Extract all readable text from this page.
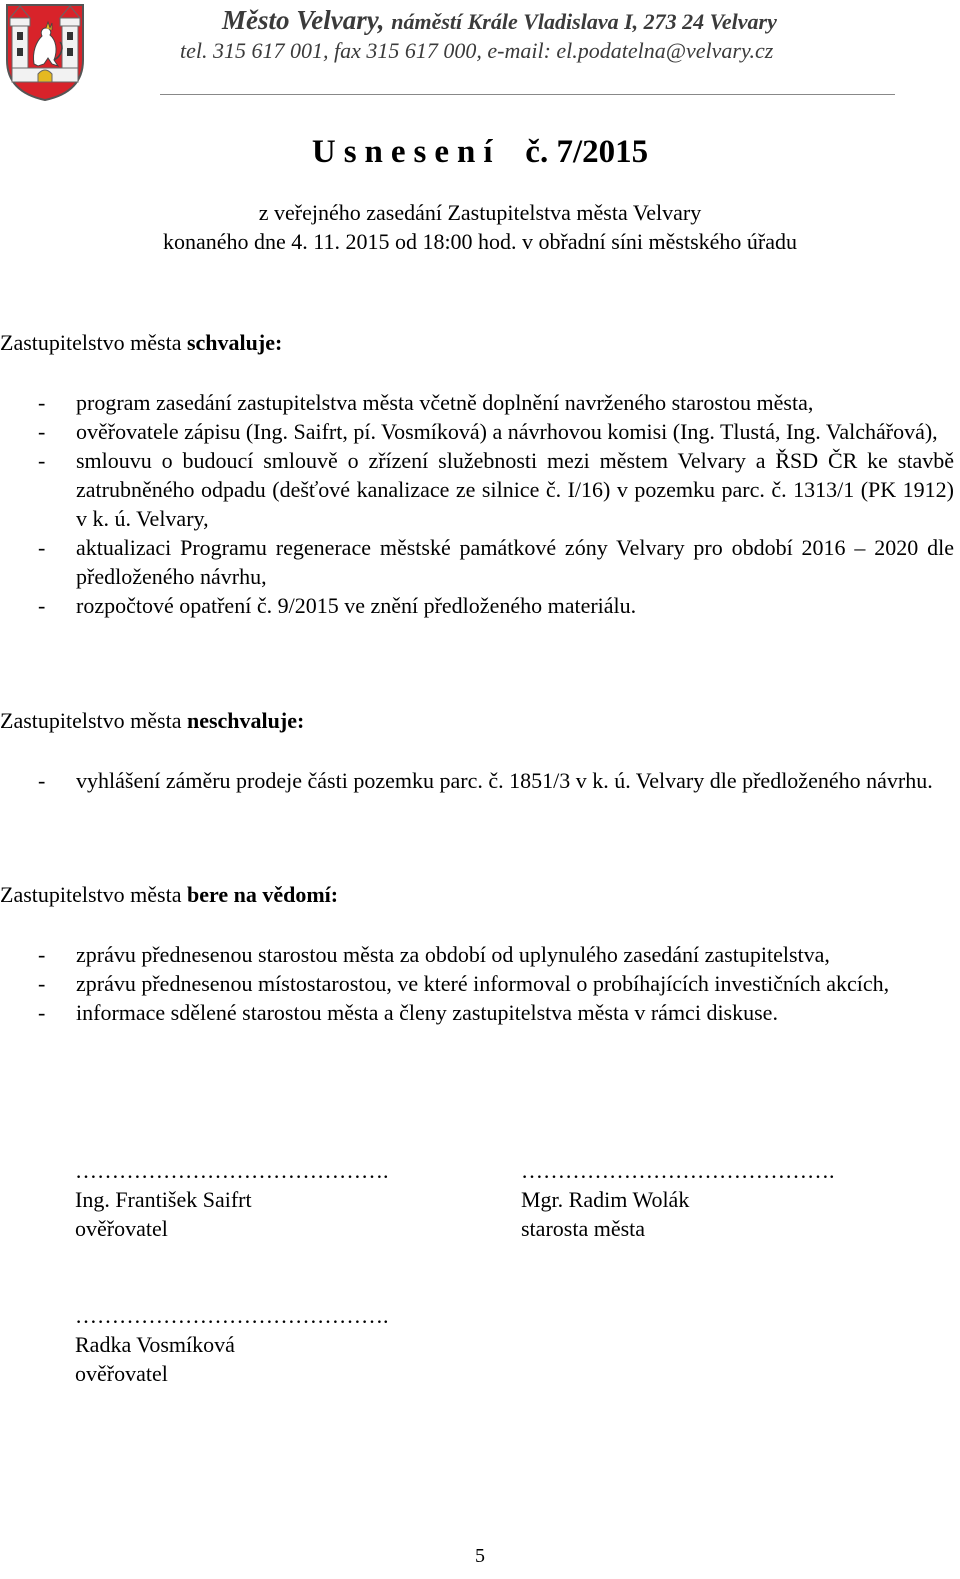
Město Velvary, náměstí Krále Vladislava I, 273 24 Velvary
tel. 315 617 001, fax 315 617 000, e-mail: el.podatelna@velvary.cz
Usnesení č. 7/2015
z veřejného zasedání Zastupitelstva města Velvary
konaného dne 4. 11. 2015 od 18:00 hod. v obřadní síni městského úřadu
Zastupitelstvo města schvaluje:
- program zasedání zastupitelstva města včetně doplnění navrženého starostou města,
- ověřovatele zápisu (Ing. Saifrt, pí. Vosmíková) a návrhovou komisi (Ing. Tlustá, Ing. Valchářová),
- smlouvu o budoucí smlouvě o zřízení služebnosti mezi městem Velvary a ŘSD ČR ke stavbě zatrubněného odpadu (dešťové kanalizace ze silnice č. I/16) v pozemku parc. č. 1313/1 (PK 1912) v k. ú. Velvary,
- aktualizaci Programu regenerace městské památkové zóny Velvary pro období 2016 – 2020 dle předloženého návrhu,
- rozpočtové opatření č. 9/2015 ve znění předloženého materiálu.
Zastupitelstvo města neschvaluje:
- vyhlášení záměru prodeje části pozemku parc. č. 1851/3 v k. ú. Velvary dle předloženého návrhu.
Zastupitelstvo města bere na vědomí:
- zprávu přednesenou starostou města za období od uplynulého zasedání zastupitelstva,
- zprávu přednesenou místostarostou, ve které informoval o probíhajících investičních akcích,
- informace sdělené starostou města a členy zastupitelstva města v rámci diskuse.
…………………………………….
Ing. František Saifrt
ověřovatel
…………………………………….
Mgr. Radim Wolák
starosta města
…………………………………….
Radka Vosmíková
ověřovatel
5
